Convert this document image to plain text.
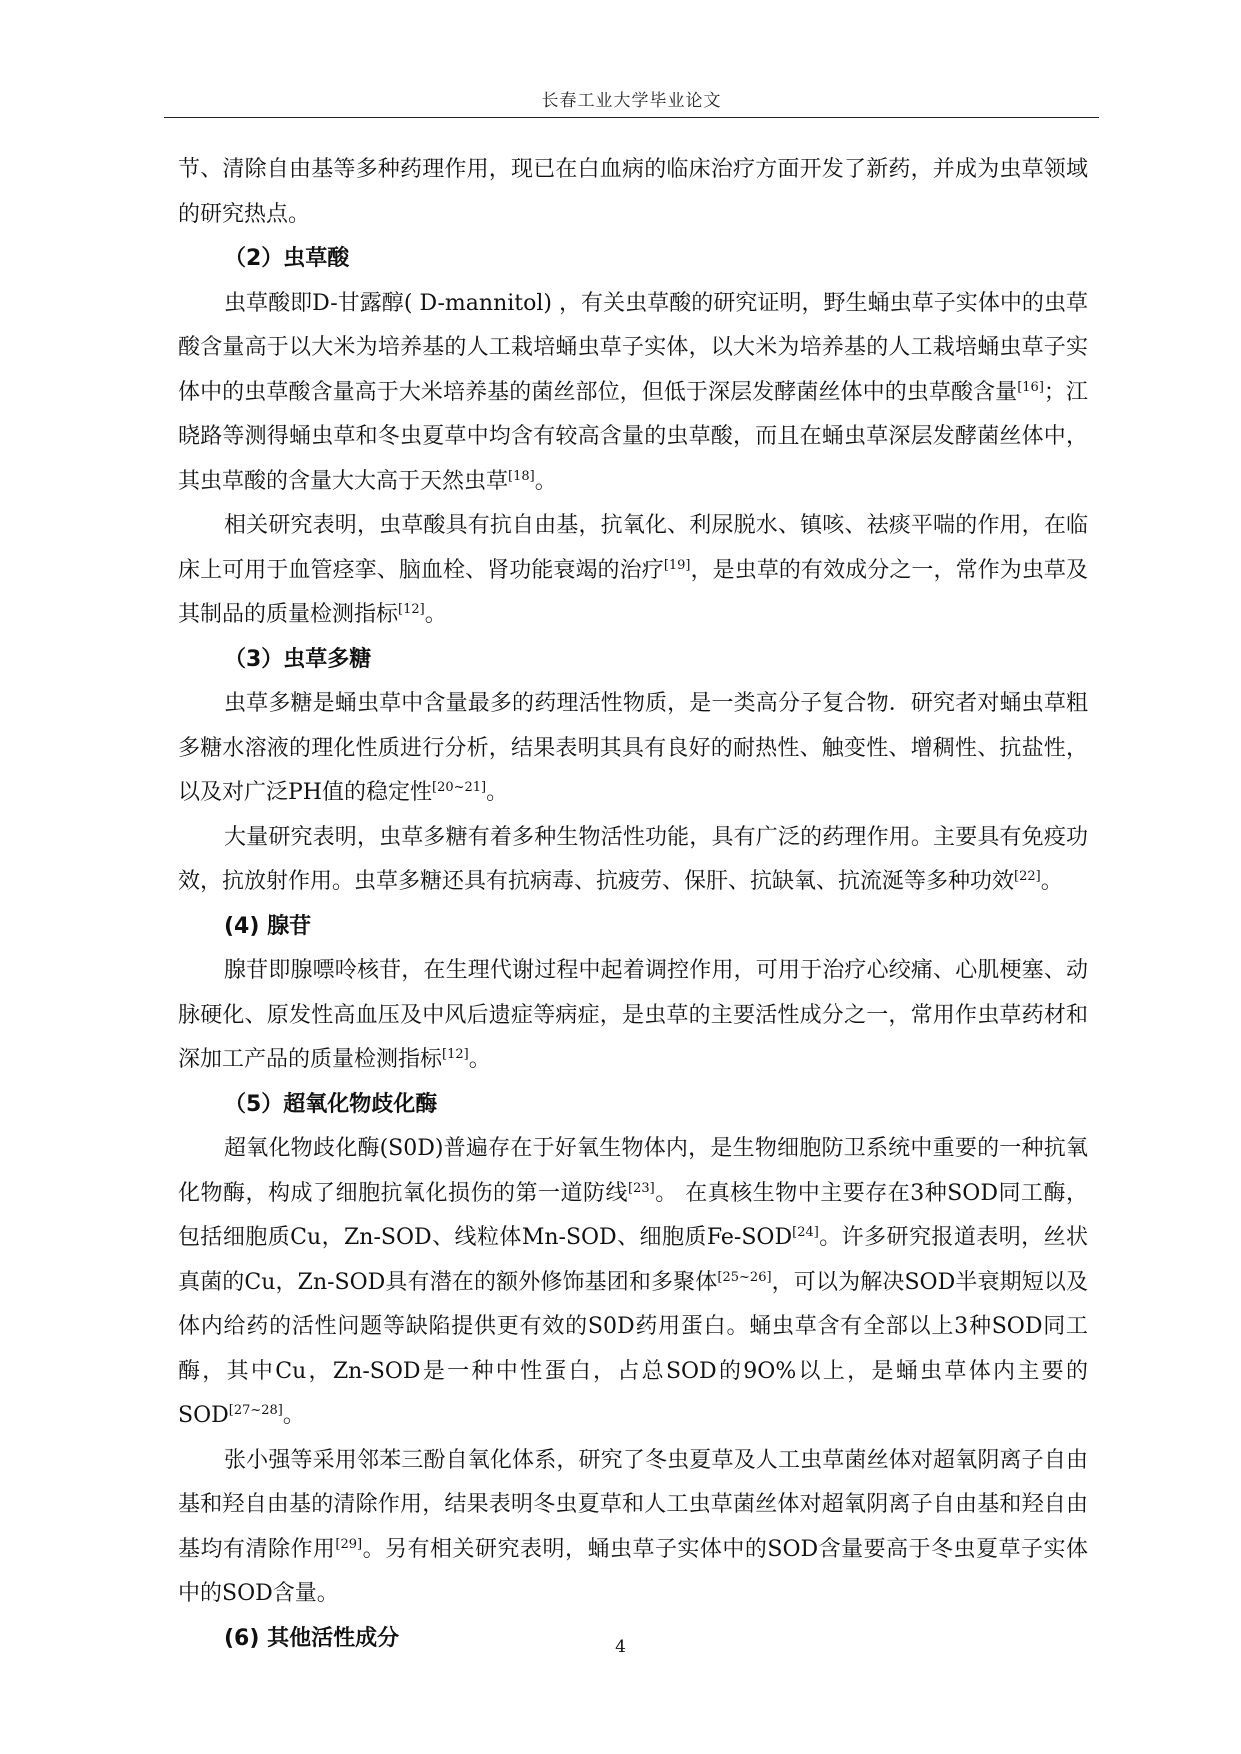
长春工业大学毕业论文

节、清除自由基等多种药理作用，现已在白血病的临床治疗方面开发了新药，并成为虫草领域的研究热点。

（2）虫草酸

虫草酸即D-甘露醇( D-mannitol) ，有关虫草酸的研究证明，野生蛹虫草子实体中的虫草酸含量高于以大米为培养基的人工栽培蛹虫草子实体，以大米为培养基的人工栽培蛹虫草子实体中的虫草酸含量高于大米培养基的菌丝部位，但低于深层发酵菌丝体中的虫草酸含量[16]；江晓路等测得蛹虫草和冬虫夏草中均含有较高含量的虫草酸，而且在蛹虫草深层发酵菌丝体中，其虫草酸的含量大大高于天然虫草[18]。

相关研究表明，虫草酸具有抗自由基，抗氧化、利尿脱水、镇咳、祛痰平喘的作用，在临床上可用于血管痉挛、脑血栓、肾功能衰竭的治疗[19]，是虫草的有效成分之一，常作为虫草及其制品的质量检测指标[12]。

（3）虫草多糖

虫草多糖是蛹虫草中含量最多的药理活性物质，是一类高分子复合物．研究者对蛹虫草粗多糖水溶液的理化性质进行分析，结果表明其具有良好的耐热性、触变性、增稠性、抗盐性，以及对广泛PH值的稳定性[20~21]。

大量研究表明，虫草多糖有着多种生物活性功能，具有广泛的药理作用。主要具有免疫功效，抗放射作用。虫草多糖还具有抗病毒、抗疲劳、保肝、抗缺氧、抗流涎等多种功效[22]。

(4) 腺苷

腺苷即腺嘌呤核苷，在生理代谢过程中起着调控作用，可用于治疗心绞痛、心肌梗塞、动脉硬化、原发性高血压及中风后遗症等病症，是虫草的主要活性成分之一，常用作虫草药材和深加工产品的质量检测指标[12]。

（5）超氧化物歧化酶

超氧化物歧化酶(S0D)普遍存在于好氧生物体内，是生物细胞防卫系统中重要的一种抗氧化物酶，构成了细胞抗氧化损伤的第一道防线[23]。 在真核生物中主要存在3种SOD同工酶，包括细胞质Cu，Zn-SOD、线粒体Mn-SOD、细胞质Fe-SOD[24]。许多研究报道表明，丝状真菌的Cu，Zn-SOD具有潜在的额外修饰基团和多聚体[25~26]，可以为解决SOD半衰期短以及体内给药的活性问题等缺陷提供更有效的S0D药用蛋白。蛹虫草含有全部以上3种SOD同工酶，其中Cu，Zn-SOD是一种中性蛋白，占总SOD的9O%以上，是蛹虫草体内主要的SOD[27~28]。

张小强等采用邻苯三酚自氧化体系，研究了冬虫夏草及人工虫草菌丝体对超氧阴离子自由基和羟自由基的清除作用，结果表明冬虫夏草和人工虫草菌丝体对超氧阴离子自由基和羟自由基均有清除作用[29]。另有相关研究表明，蛹虫草子实体中的SOD含量要高于冬虫夏草子实体中的SOD含量。

(6) 其他活性成分	4
